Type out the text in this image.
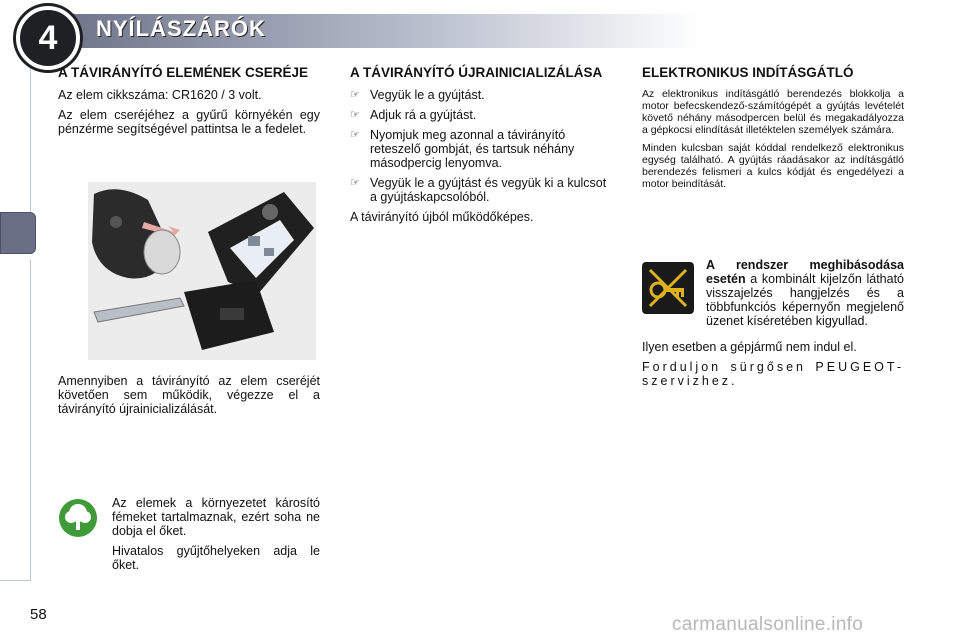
4	NYÍLÁSZÁRÓK
A TÁVIRÁNYÍTÓ ELEMÉNEK CSERÉJE

Az elem cikkszáma: CR1620 / 3 volt.

Az elem cseréjéhez a gyűrű környékén egy pénzérme segítségével pattintsa le a fedelet.

Amennyiben a távirányító az elem cseréjét követően sem működik, végezze el a távirányító újrainicializálását.

Az elemek a környezetet károsító fémeket tartalmaznak, ezért soha ne dobja el őket.

Hivatalos gyűjtőhelyeken adja le őket.

A TÁVIRÁNYÍTÓ ÚJRAINICIALIZÁLÁSA
☞ Vegyük le a gyújtást.
☞ Adjuk rá a gyújtást.
☞ Nyomjuk meg azonnal a távirányító reteszelő gombját, és tartsuk néhány másodpercig lenyomva.
☞ Vegyük le a gyújtást és vegyük ki a kulcsot a gyújtáskapcsolóból.

A távirányító újból működőképes.

ELEKTRONIKUS INDÍTÁSGÁTLÓ

Az elektronikus indításgátló berendezés blokkolja a motor befecskendező-számítógépét a gyújtás levételét követő néhány másodpercen belül és megakadályozza a gépkocsi elindítását illetéktelen személyek számára.

Minden kulcsban saját kóddal rendelkező elektronikus egység található. A gyújtás ráadásakor az indításgátló berendezés felismeri a kulcs kódját és engedélyezi a motor beindítását.

A rendszer meghibásodása esetén a kombinált kijelzőn látható visszajelzés hangjelzés és a többfunkciós képernyőn megjelenő üzenet kíséretében kigyullad.

Ilyen esetben a gépjármű nem indul el.

Forduljon sürgősen PEUGEOT-szervizhez.

58	carmanualsonline.info
